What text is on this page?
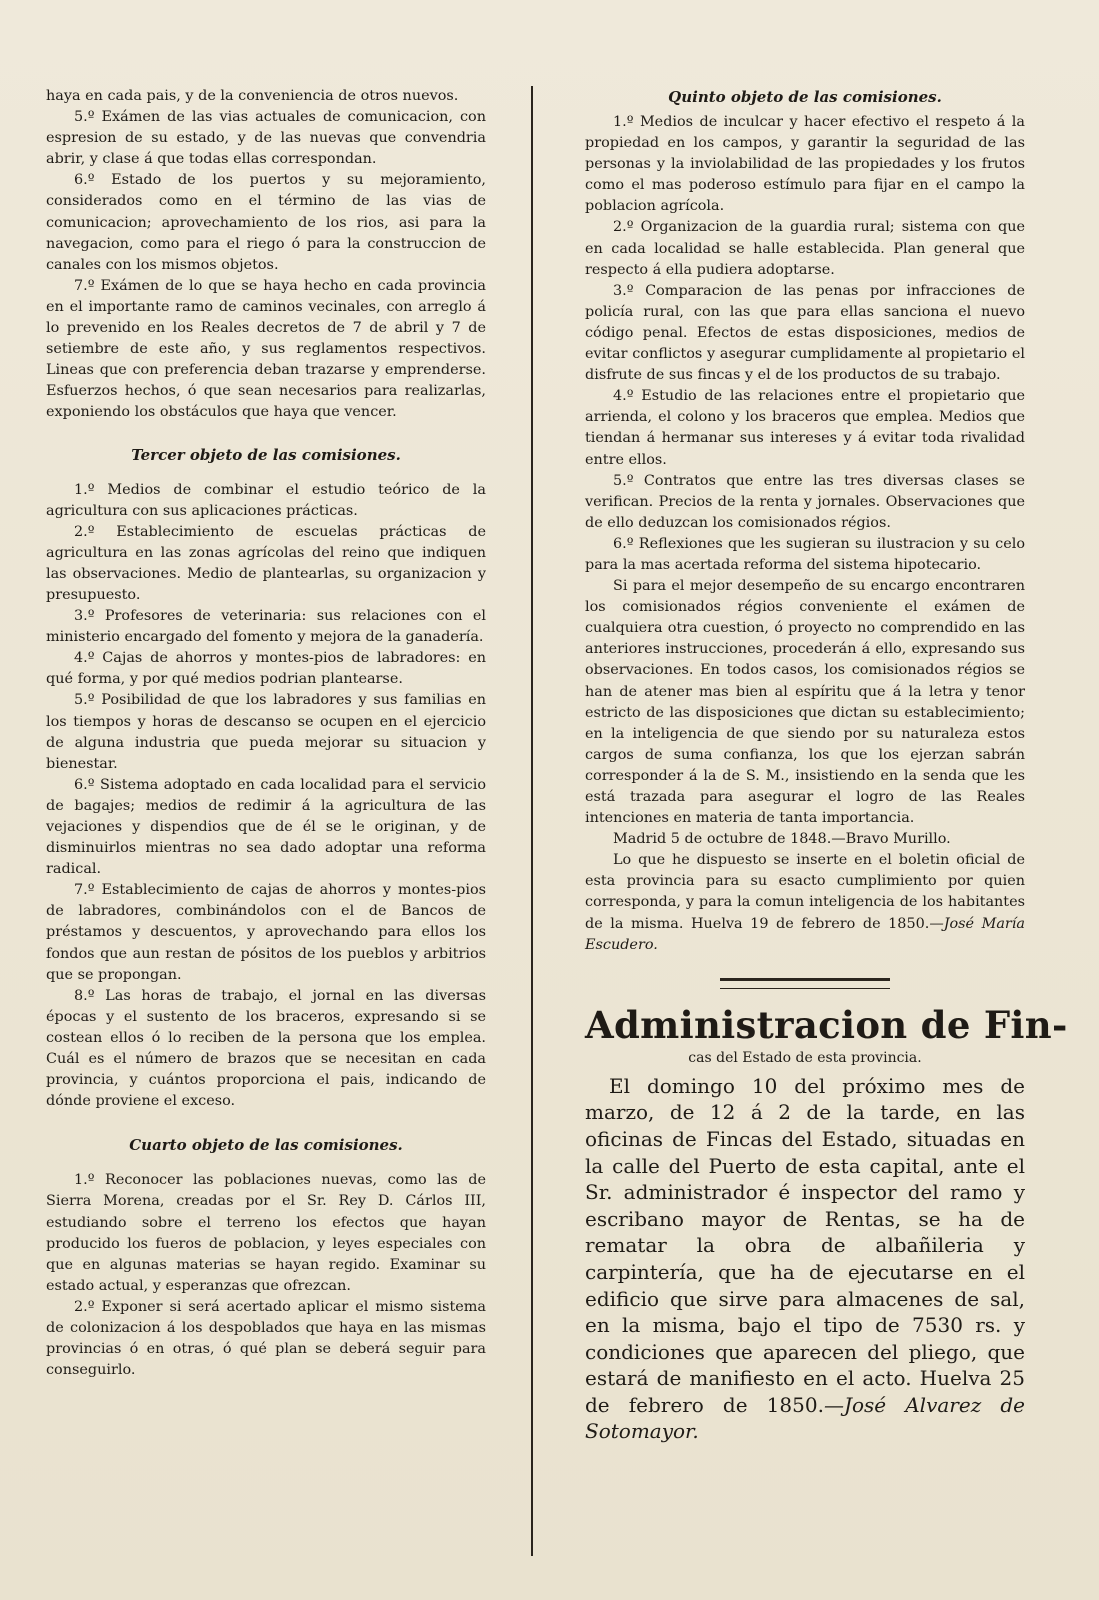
haya en cada pais, y de la conveniencia de otros nuevos.

5.º Exámen de las vias actuales de comunicacion, con espresion de su estado, y de las nuevas que convendria abrir, y clase á que todas ellas correspondan.

6.º Estado de los puertos y su mejoramiento, considerados como en el término de las vias de comunicacion; aprovechamiento de los rios, asi para la navegacion, como para el riego ó para la construccion de canales con los mismos objetos.

7.º Exámen de lo que se haya hecho en cada provincia en el importante ramo de caminos vecinales, con arreglo á lo prevenido en los Reales decretos de 7 de abril y 7 de setiembre de este año, y sus reglamentos respectivos. Lineas que con preferencia deban trazarse y emprenderse. Esfuerzos hechos, ó que sean necesarios para realizarlas, exponiendo los obstáculos que haya que vencer.

Tercer objeto de las comisiones.

1.º Medios de combinar el estudio teórico de la agricultura con sus aplicaciones prácticas.

2.º Establecimiento de escuelas prácticas de agricultura en las zonas agrícolas del reino que indiquen las observaciones. Medio de plantearlas, su organizacion y presupuesto.

3.º Profesores de veterinaria: sus relaciones con el ministerio encargado del fomento y mejora de la ganadería.

4.º Cajas de ahorros y montes-pios de labradores: en qué forma, y por qué medios podrian plantearse.

5.º Posibilidad de que los labradores y sus familias en los tiempos y horas de descanso se ocupen en el ejercicio de alguna industria que pueda mejorar su situacion y bienestar.

6.º Sistema adoptado en cada localidad para el servicio de bagajes; medios de redimir á la agricultura de las vejaciones y dispendios que de él se le originan, y de disminuirlos mientras no sea dado adoptar una reforma radical.

7.º Establecimiento de cajas de ahorros y montes-pios de labradores, combinándolos con el de Bancos de préstamos y descuentos, y aprovechando para ellos los fondos que aun restan de pósitos de los pueblos y arbitrios que se propongan.

8.º Las horas de trabajo, el jornal en las diversas épocas y el sustento de los braceros, expresando si se costean ellos ó lo reciben de la persona que los emplea. Cuál es el número de brazos que se necesitan en cada provincia, y cuántos proporciona el pais, indicando de dónde proviene el exceso.

Cuarto objeto de las comisiones.

1.º Reconocer las poblaciones nuevas, como las de Sierra Morena, creadas por el Sr. Rey D. Cárlos III, estudiando sobre el terreno los efectos que hayan producido los fueros de poblacion, y leyes especiales con que en algunas materias se hayan regido. Examinar su estado actual, y esperanzas que ofrezcan.

2.º Exponer si será acertado aplicar el mismo sistema de colonizacion á los despoblados que haya en las mismas provincias ó en otras, ó qué plan se deberá seguir para conseguirlo.

Quinto objeto de las comisiones.

1.º Medios de inculcar y hacer efectivo el respeto á la propiedad en los campos, y garantir la seguridad de las personas y la inviolabilidad de las propiedades y los frutos como el mas poderoso estímulo para fijar en el campo la poblacion agrícola.

2.º Organizacion de la guardia rural; sistema con que en cada localidad se halle establecida. Plan general que respecto á ella pudiera adoptarse.

3.º Comparacion de las penas por infracciones de policía rural, con las que para ellas sanciona el nuevo código penal. Efectos de estas disposiciones, medios de evitar conflictos y asegurar cumplidamente al propietario el disfrute de sus fincas y el de los productos de su trabajo.

4.º Estudio de las relaciones entre el propietario que arrienda, el colono y los braceros que emplea. Medios que tiendan á hermanar sus intereses y á evitar toda rivalidad entre ellos.

5.º Contratos que entre las tres diversas clases se verifican. Precios de la renta y jornales. Observaciones que de ello deduzcan los comisionados régios.

6.º Reflexiones que les sugieran su ilustracion y su celo para la mas acertada reforma del sistema hipotecario.

Si para el mejor desempeño de su encargo encontraren los comisionados régios conveniente el exámen de cualquiera otra cuestion, ó proyecto no comprendido en las anteriores instrucciones, procederán á ello, expresando sus observaciones. En todos casos, los comisionados régios se han de atener mas bien al espíritu que á la letra y tenor estricto de las disposiciones que dictan su establecimiento; en la inteligencia de que siendo por su naturaleza estos cargos de suma confianza, los que los ejerzan sabrán corresponder á la de S. M., insistiendo en la senda que les está trazada para asegurar el logro de las Reales intenciones en materia de tanta importancia.

Madrid 5 de octubre de 1848.—Bravo Murillo.

Lo que he dispuesto se inserte en el boletin oficial de esta provincia para su esacto cumplimiento por quien corresponda, y para la comun inteligencia de los habitantes de la misma. Huelva 19 de febrero de 1850.—José María Escudero.

Administracion de Fin-

cas del Estado de esta provincia.

El domingo 10 del próximo mes de marzo, de 12 á 2 de la tarde, en las oficinas de Fincas del Estado, situadas en la calle del Puerto de esta capital, ante el Sr. administrador é inspector del ramo y escribano mayor de Rentas, se ha de rematar la obra de albañileria y carpintería, que ha de ejecutarse en el edificio que sirve para almacenes de sal, en la misma, bajo el tipo de 7530 rs. y condiciones que aparecen del pliego, que estará de manifiesto en el acto. Huelva 25 de febrero de 1850.—José Alvarez de Sotomayor.
